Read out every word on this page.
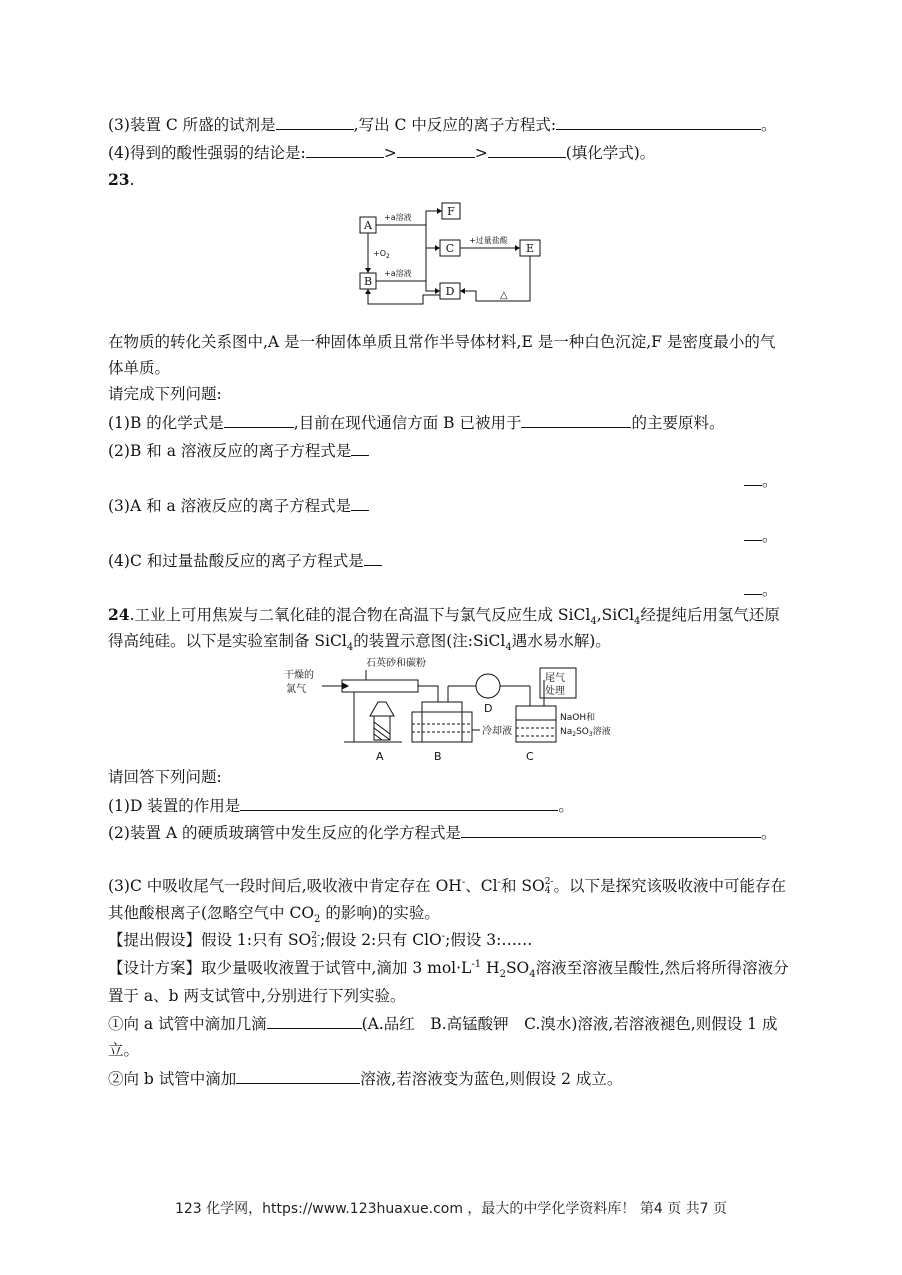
(3)装置 C 所盛的试剂是	,写出 C 中反应的离子方程式:	。
(4)得到的酸性强弱的结论是:	>	>	(填化学式)。
23.
A
B
F
C
D
E
+a溶液
$+O_2$
+a溶液
+过量盐酸
△
在物质的转化关系图中,A 是一种固体单质且常作半导体材料,E 是一种白色沉淀,F 是密度最小的气
体单质。
请完成下列问题:
(1)B 的化学式是	,目前在现代通信方面 B 已被用于	的主要原料。
(2)B 和 a 溶液反应的离子方程式是
。
(3)A 和 a 溶液反应的离子方程式是
。
(4)C 和过量盐酸反应的离子方程式是
。
24.工业上可用焦炭与二氧化硅的混合物在高温下与氯气反应生成 SiCl$_4$,SiCl$_4$经提纯后用氢气还原
得高纯硅。以下是实验室制备 SiCl$_4$的装置示意图(注:SiCl$_4$遇水易水解)。
干燥的
氯气
石英砂和碳粉
尾气
处理
D
冷却液
NaOH和
$Na_2SO_3$溶液
A	B	C
请回答下列问题:
(1)D 装置的作用是	。
(2)装置 A 的硬质玻璃管中发生反应的化学方程式是	。
(3)C 中吸收尾气一段时间后,吸收液中肯定存在 OH-、Cl-和 SO 2-
4 。以下是探究该吸收液中可能存在
其他酸根离子(忽略空气中 $CO_2$ 的影响)的实验。
【提出假设】假设 1:只有 SO 2-
3 ;假设 2:只有 ClO-;假设 3:……
【设计方案】取少量吸收液置于试管中,滴加 3 $mol\cdot L^{-1}$ $H_2SO_4$溶液至溶液呈酸性,然后将所得溶液分
置于 a、b 两支试管中,分别进行下列实验。
①向 a 试管中滴加几滴	(A.品红　B.高锰酸钾　C.溴水)溶液,若溶液褪色,则假设 1 成
立。
②向 b 试管中滴加	溶液,若溶液变为蓝色,则假设 2 成立。
123 化学网，https://www.123huaxue.com ，最大的中学化学资料库！ 第4 页 共7 页
